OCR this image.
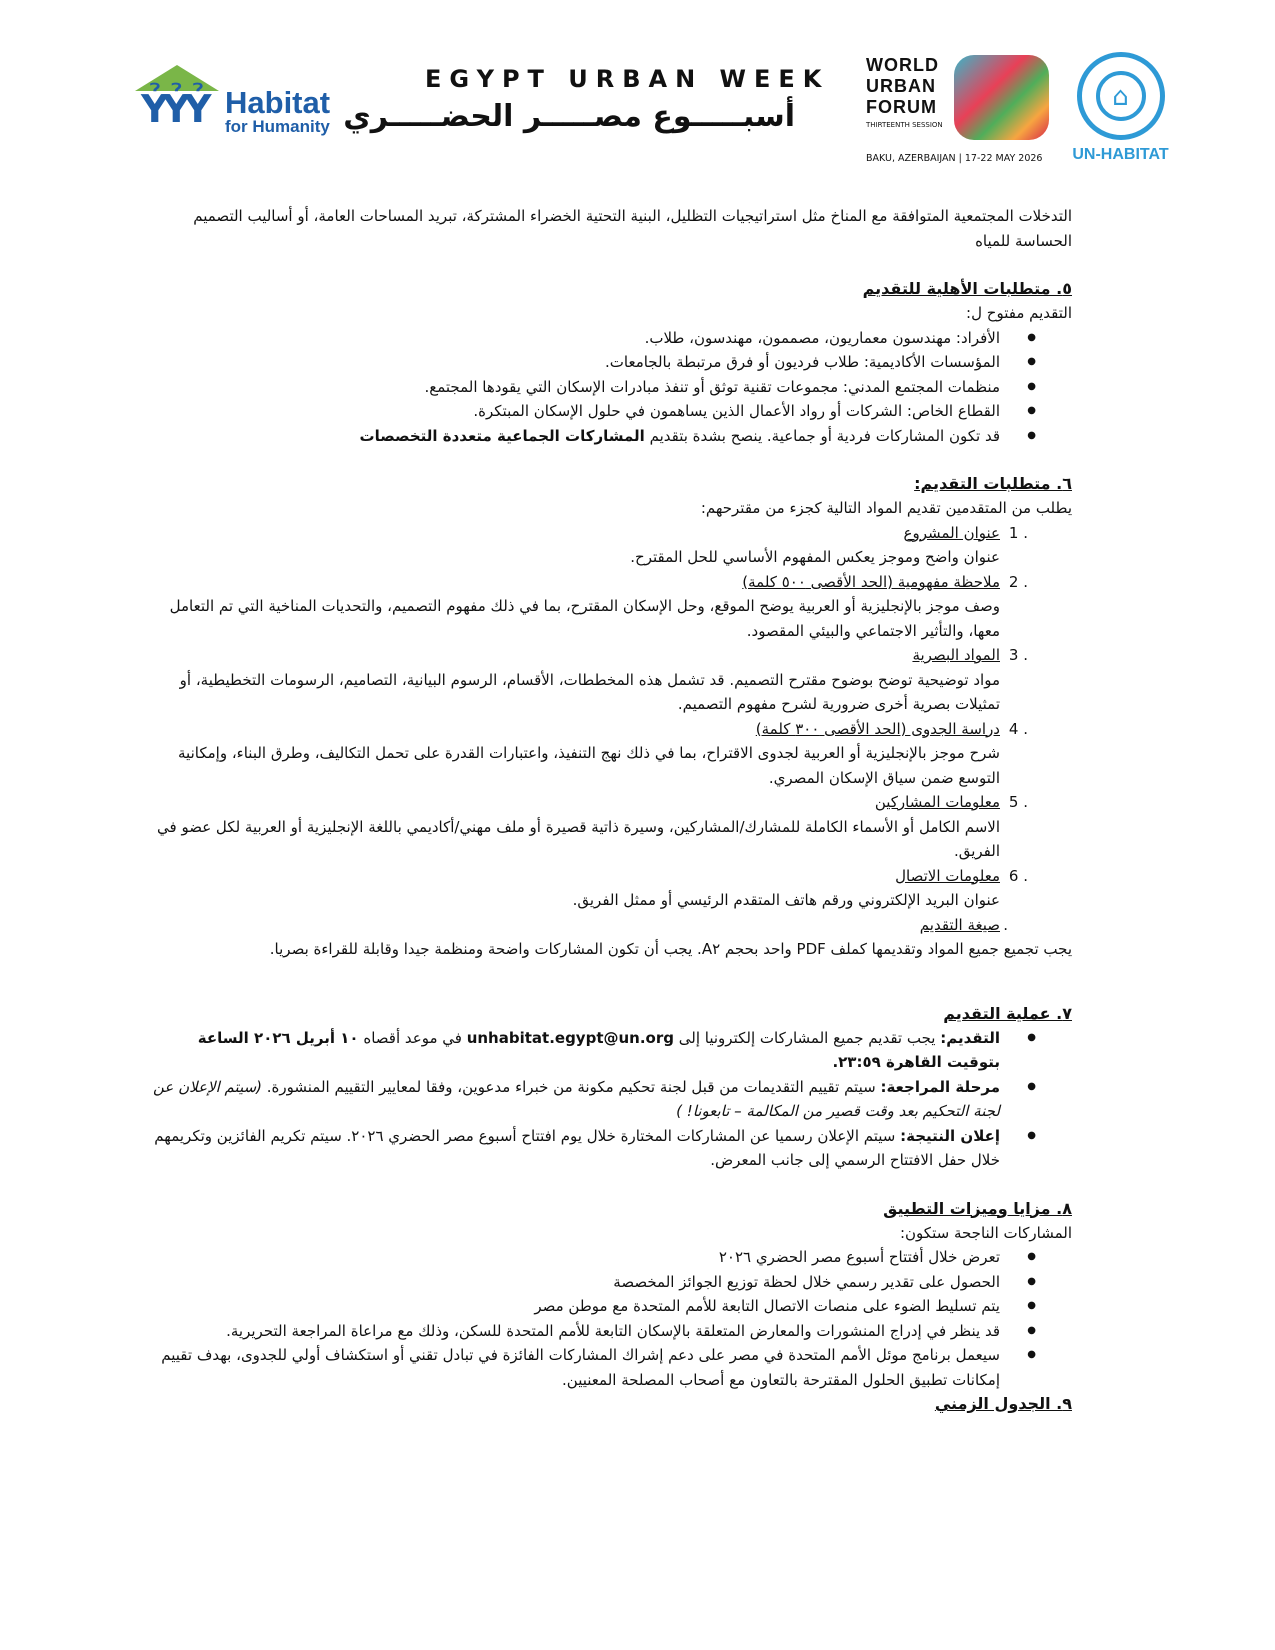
ỶỶỶ Habitat
for Humanity
EGYPT URBAN WEEK
أسبـــــوع مصـــــر الحضـــــري
WORLD
URBAN
FORUM
THIRTEENTH SESSION
BAKU, AZERBAIJAN | 17-22 MAY 2026
⌂
UN-HABITAT

التدخلات المجتمعية المتوافقة مع المناخ مثل استراتيجيات التظليل، البنية التحتية الخضراء المشتركة، تبريد المساحات العامة، أو أساليب التصميم الحساسة للمياه

٥. متطلبات الأهلية للتقديم

التقديم مفتوح ل:

● الأفراد: مهندسون معماريون، مصممون، مهندسون، طلاب.
● المؤسسات الأكاديمية: طلاب فرديون أو فرق مرتبطة بالجامعات.
● منظمات المجتمع المدني: مجموعات تقنية توثق أو تنفذ مبادرات الإسكان التي يقودها المجتمع.
● القطاع الخاص: الشركات أو رواد الأعمال الذين يساهمون في حلول الإسكان المبتكرة.
● قد تكون المشاركات فردية أو جماعية. ينصح بشدة بتقديم المشاركات الجماعية متعددة التخصصات
٦. متطلبات التقديم:

يطلب من المتقدمين تقديم المواد التالية كجزء من مقترحهم:

1 .
عنوان المشروع
عنوان واضح وموجز يعكس المفهوم الأساسي للحل المقترح.
2 .
ملاحظة مفهومية (الحد الأقصى ٥٠٠ كلمة)
وصف موجز بالإنجليزية أو العربية يوضح الموقع، وحل الإسكان المقترح، بما في ذلك مفهوم التصميم، والتحديات المناخية التي تم التعامل معها، والتأثير الاجتماعي والبيئي المقصود.
3 .
المواد البصرية
مواد توضيحية توضح بوضوح مقترح التصميم. قد تشمل هذه المخططات، الأقسام، الرسوم البيانية، التصاميم، الرسومات التخطيطية، أو تمثيلات بصرية أخرى ضرورية لشرح مفهوم التصميم.
4 .
دراسة الجدوى (الحد الأقصى ٣٠٠ كلمة)
شرح موجز بالإنجليزية أو العربية لجدوى الاقتراح، بما في ذلك نهج التنفيذ، واعتبارات القدرة على تحمل التكاليف، وطرق البناء، وإمكانية التوسع ضمن سياق الإسكان المصري.
5 .
معلومات المشاركين
الاسم الكامل أو الأسماء الكاملة للمشارك/المشاركين، وسيرة ذاتية قصيرة أو ملف مهني/أكاديمي باللغة الإنجليزية أو العربية لكل عضو في الفريق.
6 .
معلومات الاتصال
عنوان البريد الإلكتروني ورقم هاتف المتقدم الرئيسي أو ممثل الفريق.
.
صيغة التقديم

يجب تجميع جميع المواد وتقديمها كملف PDF واحد بحجم A٢. يجب أن تكون المشاركات واضحة ومنظمة جيدا وقابلة للقراءة بصريا.

٧. عملية التقديم
● التقديم: يجب تقديم جميع المشاركات إلكترونيا إلى unhabitat.egypt@un.org في موعد أقصاه ١٠ أبريل ٢٠٢٦ الساعة بتوقيت القاهرة ٢٣:٥٩.
● مرحلة المراجعة: سيتم تقييم التقديمات من قبل لجنة تحكيم مكونة من خبراء مدعوين، وفقا لمعايير التقييم المنشورة. (سيتم الإعلان عن لجنة التحكيم بعد وقت قصير من المكالمة – تابعونا! )
● إعلان النتيجة: سيتم الإعلان رسميا عن المشاركات المختارة خلال يوم افتتاح أسبوع مصر الحضري ٢٠٢٦. سيتم تكريم الفائزين وتكريمهم خلال حفل الافتتاح الرسمي إلى جانب المعرض.
٨. مزايا وميزات التطبيق

المشاركات الناجحة ستكون:

● تعرض خلال أفتتاح أسبوع مصر الحضري ٢٠٢٦
● الحصول على تقدير رسمي خلال لحظة توزيع الجوائز المخصصة
● يتم تسليط الضوء على منصات الاتصال التابعة للأمم المتحدة مع موطن مصر
● قد ينظر في إدراج المنشورات والمعارض المتعلقة بالإسكان التابعة للأمم المتحدة للسكن، وذلك مع مراعاة المراجعة التحريرية.
● سيعمل برنامج موئل الأمم المتحدة في مصر على دعم إشراك المشاركات الفائزة في تبادل تقني أو استكشاف أولي للجدوى، بهدف تقييم إمكانات تطبيق الحلول المقترحة بالتعاون مع أصحاب المصلحة المعنيين.
٩. الجدول الزمني
